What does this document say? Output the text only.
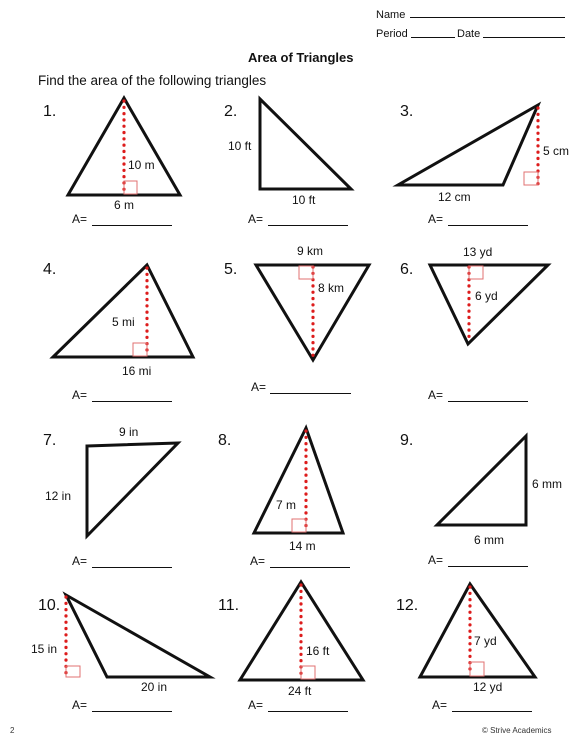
Name
Period	Date
Area of Triangles
Find the area of the following triangles
1.
10 m
6 m
A=
2.
10 ft
10 ft
A=
3.
5 cm
12 cm
A=
4.
5 mi
16 mi
A=
5.
9 km
8 km
A=
6.
13 yd
6 yd
A=
7.	9 in
12 in
A=
8.
7 m
14 m
A=
9.
6 mm
6 mm
A=
10.
15 in
20 in
A=
11.
16 ft
24 ft
A=
12.
7 yd
12 yd
A=
2	© Strive Academics
